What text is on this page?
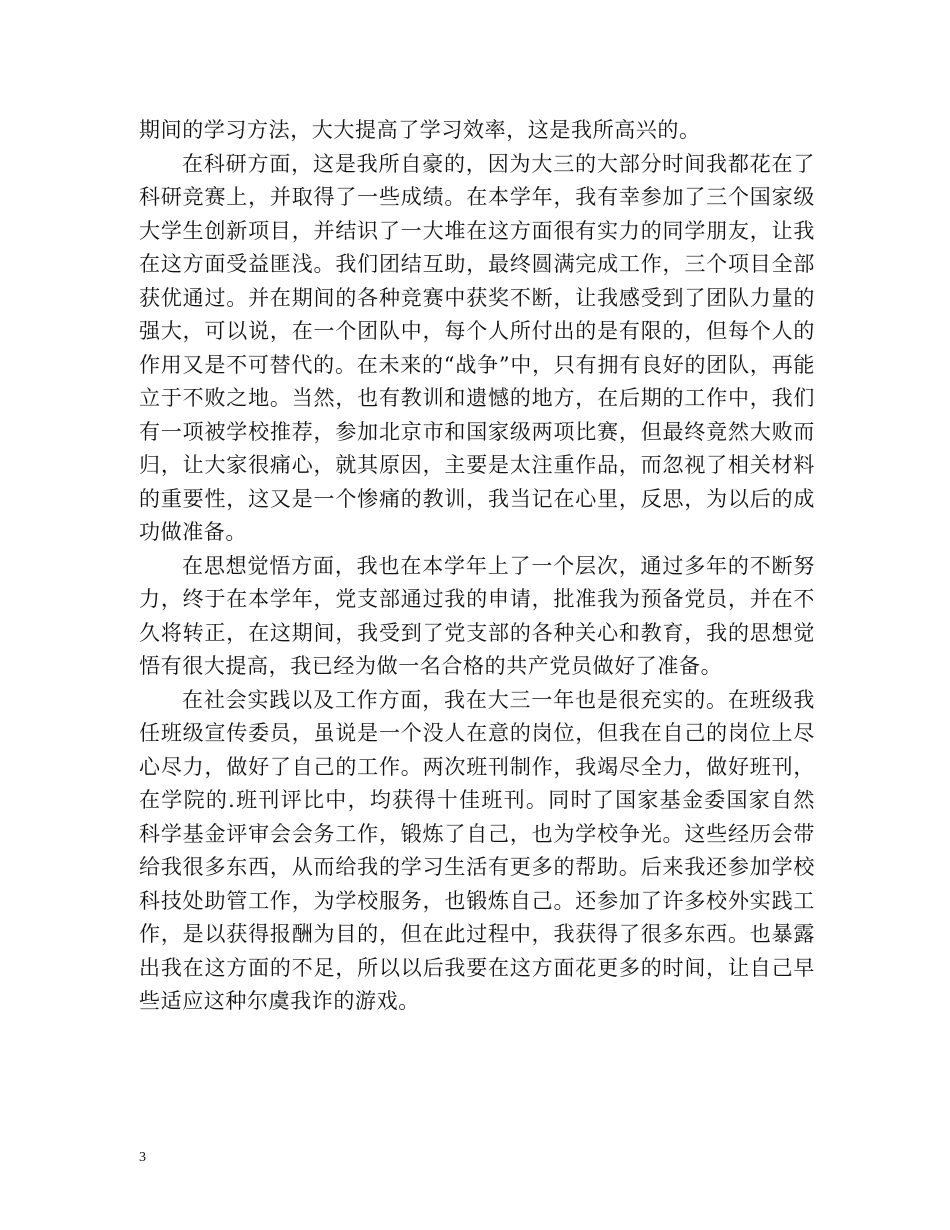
期间的学习方法，大大提高了学习效率，这是我所高兴的。

在科研方面，这是我所自豪的，因为大三的大部分时间我都花在了科研竞赛上，并取得了一些成绩。在本学年，我有幸参加了三个国家级大学生创新项目，并结识了一大堆在这方面很有实力的同学朋友，让我在这方面受益匪浅。我们团结互助，最终圆满完成工作，三个项目全部获优通过。并在期间的各种竞赛中获奖不断，让我感受到了团队力量的强大，可以说，在一个团队中，每个人所付出的是有限的，但每个人的作用又是不可替代的。在未来的“战争”中，只有拥有良好的团队，再能立于不败之地。当然，也有教训和遗憾的地方，在后期的工作中，我们有一项被学校推荐，参加北京市和国家级两项比赛，但最终竟然大败而归，让大家很痛心，就其原因，主要是太注重作品，而忽视了相关材料的重要性，这又是一个惨痛的教训，我当记在心里，反思，为以后的成功做准备。

在思想觉悟方面，我也在本学年上了一个层次，通过多年的不断努力，终于在本学年，党支部通过我的申请，批准我为预备党员，并在不久将转正，在这期间，我受到了党支部的各种关心和教育，我的思想觉悟有很大提高，我已经为做一名合格的共产党员做好了准备。

在社会实践以及工作方面，我在大三一年也是很充实的。在班级我任班级宣传委员，虽说是一个没人在意的岗位，但我在自己的岗位上尽心尽力，做好了自己的工作。两次班刊制作，我竭尽全力，做好班刊，在学院的.班刊评比中，均获得十佳班刊。同时了国家基金委国家自然科学基金评审会会务工作，锻炼了自己，也为学校争光。这些经历会带给我很多东西，从而给我的学习生活有更多的帮助。后来我还参加学校科技处助管工作，为学校服务，也锻炼自己。还参加了许多校外实践工作，是以获得报酬为目的，但在此过程中，我获得了很多东西。也暴露出我在这方面的不足，所以以后我要在这方面花更多的时间，让自己早些适应这种尔虞我诈的游戏。

3
